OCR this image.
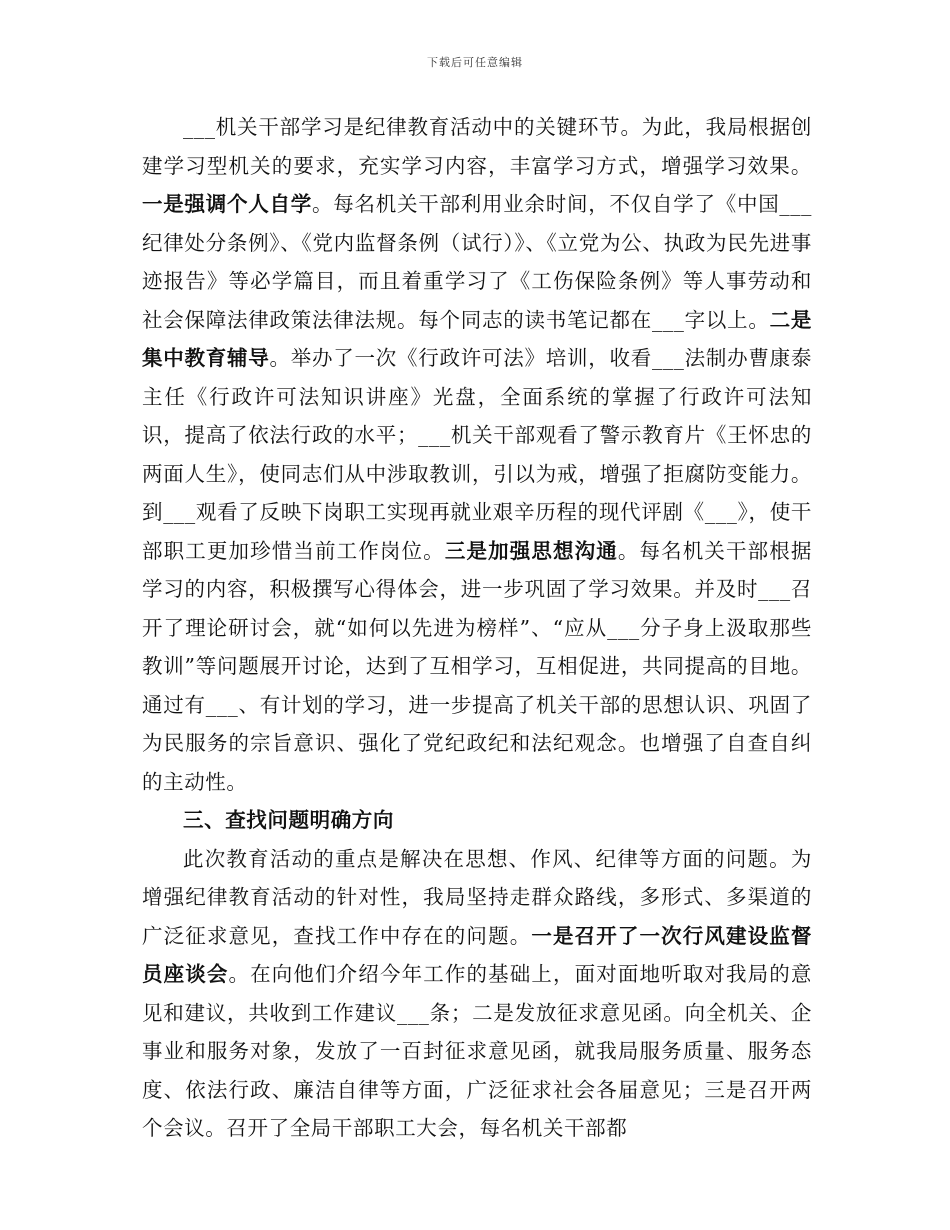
下载后可任意编辑

___机关干部学习是纪律教育活动中的关键环节。为此，我局根据创建学习型机关的要求，充实学习内容，丰富学习方式，增强学习效果。一是强调个人自学。每名机关干部利用业余时间，不仅自学了《中国___纪律处分条例》、《党内监督条例（试行）》、《立党为公、执政为民先进事迹报告》等必学篇目，而且着重学习了《工伤保险条例》等人事劳动和社会保障法律政策法律法规。每个同志的读书笔记都在___字以上。二是集中教育辅导。举办了一次《行政许可法》培训，收看___法制办曹康泰主任《行政许可法知识讲座》光盘，全面系统的掌握了行政许可法知识，提高了依法行政的水平；___机关干部观看了警示教育片《王怀忠的两面人生》，使同志们从中涉取教训，引以为戒，增强了拒腐防变能力。到___观看了反映下岗职工实现再就业艰辛历程的现代评剧《___》，使干部职工更加珍惜当前工作岗位。三是加强思想沟通。每名机关干部根据学习的内容，积极撰写心得体会，进一步巩固了学习效果。并及时___召开了理论研讨会，就“如何以先进为榜样”、“应从___分子身上汲取那些教训”等问题展开讨论，达到了互相学习，互相促进，共同提高的目地。通过有___、有计划的学习，进一步提高了机关干部的思想认识、巩固了为民服务的宗旨意识、强化了党纪政纪和法纪观念。也增强了自查自纠的主动性。

三、查找问题明确方向

此次教育活动的重点是解决在思想、作风、纪律等方面的问题。为增强纪律教育活动的针对性，我局坚持走群众路线，多形式、多渠道的广泛征求意见，查找工作中存在的问题。一是召开了一次行风建设监督员座谈会。在向他们介绍今年工作的基础上，面对面地听取对我局的意见和建议，共收到工作建议___条；二是发放征求意见函。向全机关、企事业和服务对象，发放了一百封征求意见函，就我局服务质量、服务态度、依法行政、廉洁自律等方面，广泛征求社会各届意见；三是召开两个会议。召开了全局干部职工大会，每名机关干部都
